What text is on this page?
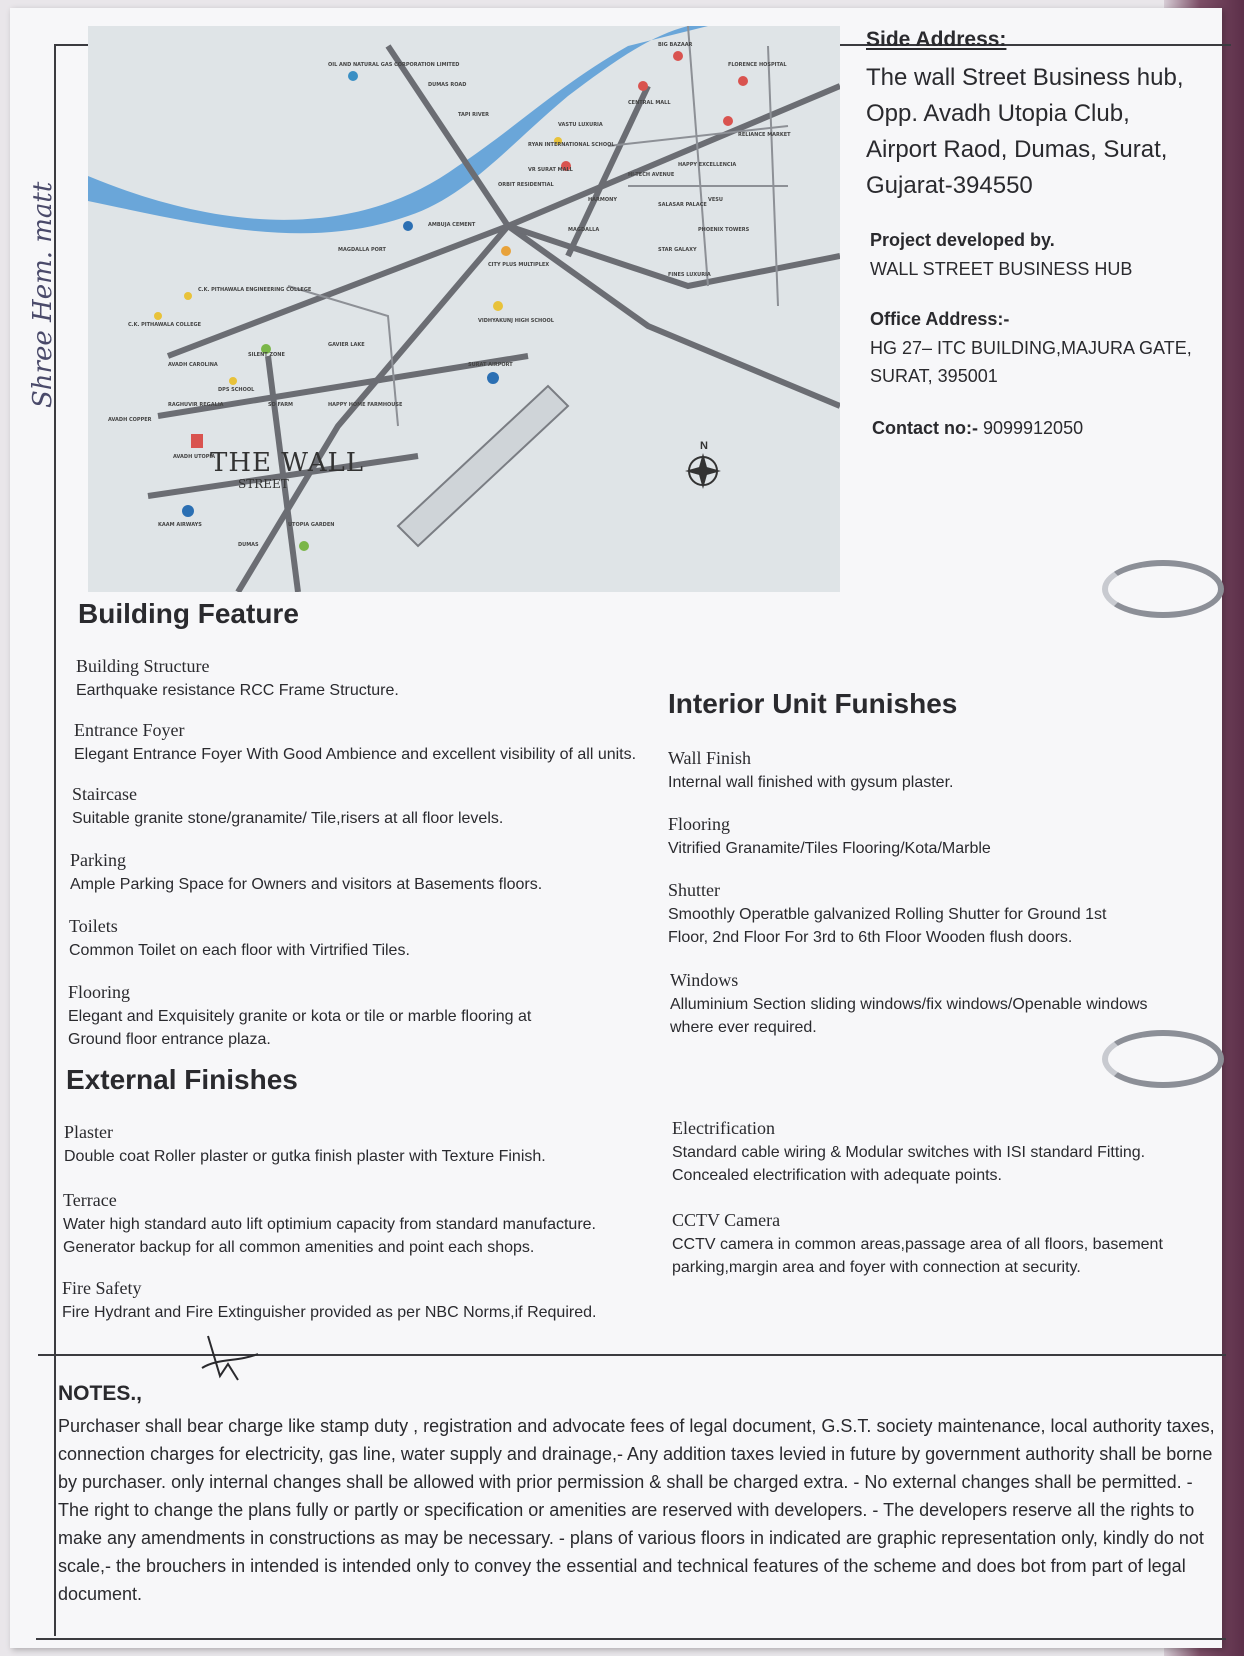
Shree Hem. matt
OIL AND NATURAL GAS CORPORATION LIMITED
DUMAS ROAD
TAPI RIVER
BIG BAZAAR
FLORENCE HOSPITAL
CENTRAL MALL
RELIANCE MARKET
VASTU LUXURIA
RYAN INTERNATIONAL SCHOOL
VR SURAT MALL
HI-TECH AVENUE
HAPPY EXCELLENCIA
ORBIT RESIDENTIAL
HARMONY
SALASAR PALACE
VESU
MAGDALLA	PHOENIX TOWERS
STAR GALAXY
AMBUJA CEMENT
MAGDALLA PORT
CITY PLUS MULTIPLEX
FINES LUXURIA
C.K. PITHAWALA ENGINEERING COLLEGE
C.K. PITHAWALA COLLEGE
SILENT ZONE
GAVIER LAKE
VIDHYAKUNJ HIGH SCHOOL
AVADH CAROLINA
DPS SCHOOL
SURAT AIRPORT
RAGHUVIR REGALIA
AVADH COPPER
SD FARM	HAPPY HOME FARMHOUSE
AVADH UTOPIA
KAAM AIRWAYS
DUMAS
UTOPIA GARDEN
THE WALL
STREET
N

Side Address:

The wall Street Business hub,

Opp. Avadh Utopia Club,

Airport Raod, Dumas, Surat,

Gujarat-394550

Project developed by.

WALL STREET BUSINESS HUB

Office Address:-

HG 27– ITC BUILDING,MAJURA GATE,

SURAT, 395001

Contact no:- 9099912050

Building Feature

Building Structure

Earthquake resistance RCC Frame Structure.

Entrance Foyer

Elegant Entrance Foyer With Good Ambience and excellent visibility of all units.

Staircase

Suitable granite stone/granamite/ Tile,risers at all floor levels.

Parking

Ample Parking Space for Owners and visitors at Basements floors.

Toilets

Common Toilet on each floor with Virtrified Tiles.

Flooring

Elegant and Exquisitely granite or kota or tile or marble flooring at Ground floor entrance plaza.

External Finishes

Plaster

Double coat Roller plaster or gutka finish plaster with Texture Finish.

Terrace

Water high standard auto lift optimium capacity from standard manufacture. Generator backup for all common amenities and point each shops.

Fire Safety

Fire Hydrant and Fire Extinguisher provided as per NBC Norms,if Required.

Interior Unit Funishes

Wall Finish

Internal wall finished with gysum plaster.

Flooring

Vitrified Granamite/Tiles Flooring/Kota/Marble

Shutter

Smoothly Operatble galvanized Rolling Shutter for Ground 1st Floor, 2nd Floor For 3rd to 6th Floor Wooden flush doors.

Windows

Alluminium Section sliding windows/fix windows/Openable windows where ever required.

Electrification

Standard cable wiring & Modular switches with ISI standard Fitting. Concealed electrification with adequate points.

CCTV Camera

CCTV camera in common areas,passage area of all floors, basement parking,margin area and foyer with connection at security.

NOTES.,

Purchaser shall bear charge like stamp duty , registration and advocate fees of legal document, G.S.T. society maintenance, local authority taxes, connection charges for electricity, gas line, water supply and drainage,- Any addition taxes levied in future by government authority shall be borne by purchaser. only internal changes shall be allowed with prior permission & shall be charged extra. - No external changes shall be permitted. - The right to change the plans fully or partly or specification or amenities are reserved with developers. - The developers reserve all the rights to make any amendments in constructions as may be necessary. - plans of various floors in indicated are graphic representation only, kindly do not scale,- the brouchers in intended is intended only to convey the essential and technical features of the scheme and does bot from part of legal document.
